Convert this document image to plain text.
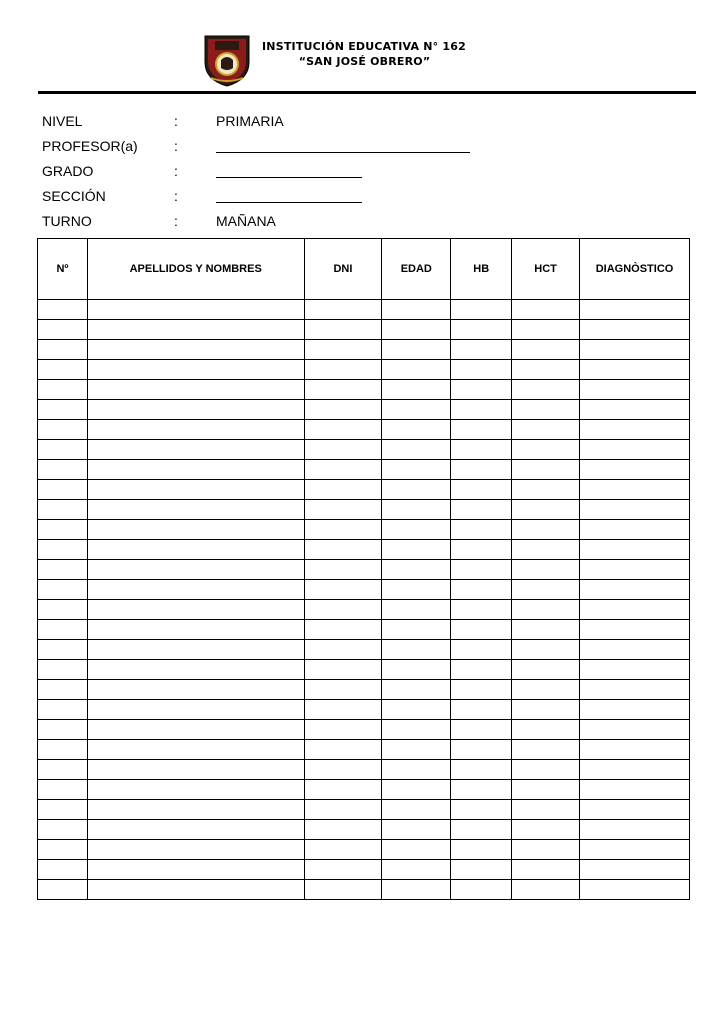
INSTITUCIÓN EDUCATIVA N° 162
“SAN JOSÉ OBRERO”
NIVEL	:	PRIMARIA
PROFESOR(a)	:
GRADO	:
SECCIÓN	:
TURNO	:	MAÑANA
Nº	APELLIDOS Y NOMBRES	DNI	EDAD	HB	HCT	DIAGNÒSTICO
